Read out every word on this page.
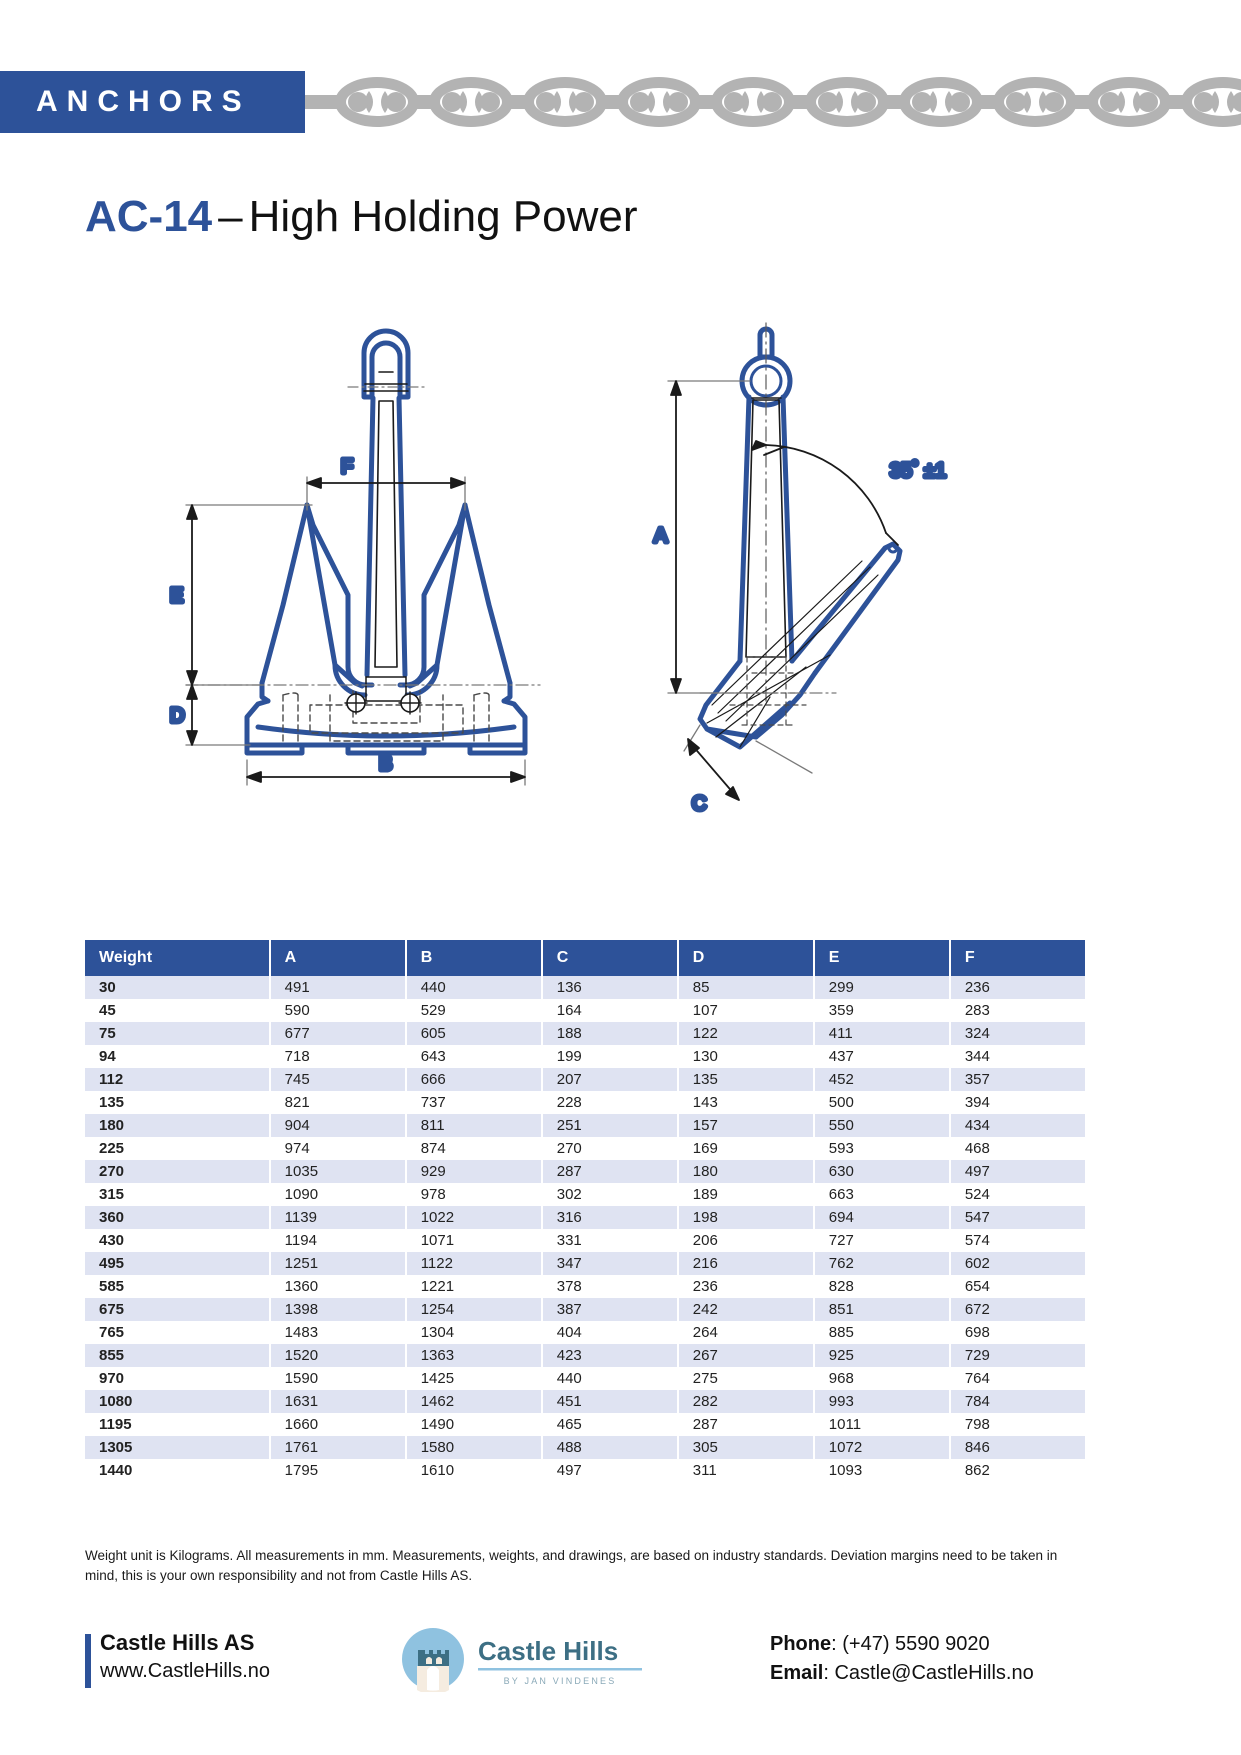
ANCHORS
AC-14 – High Holding Power
F
E
D
B
A
C
35˚ ±1
Weight	A	B	C	D	E	F
30	491	440	136	85	299	236
45	590	529	164	107	359	283
75	677	605	188	122	411	324
94	718	643	199	130	437	344
112	745	666	207	135	452	357
135	821	737	228	143	500	394
180	904	811	251	157	550	434
225	974	874	270	169	593	468
270	1035	929	287	180	630	497
315	1090	978	302	189	663	524
360	1139	1022	316	198	694	547
430	1194	1071	331	206	727	574
495	1251	1122	347	216	762	602
585	1360	1221	378	236	828	654
675	1398	1254	387	242	851	672
765	1483	1304	404	264	885	698
855	1520	1363	423	267	925	729
970	1590	1425	440	275	968	764
1080	1631	1462	451	282	993	784
1195	1660	1490	465	287	1011	798
1305	1761	1580	488	305	1072	846
1440	1795	1610	497	311	1093	862
Weight unit is Kilograms. All measurements in mm. Measurements, weights, and drawings, are based on industry standards. Deviation margins need to be taken in mind, this is your own responsibility and not from Castle Hills AS.
Castle Hills AS
www.CastleHills.no
Castle Hills
BY JAN VINDENES
Phone: (+47) 5590 9020
Email: Castle@CastleHills.no
